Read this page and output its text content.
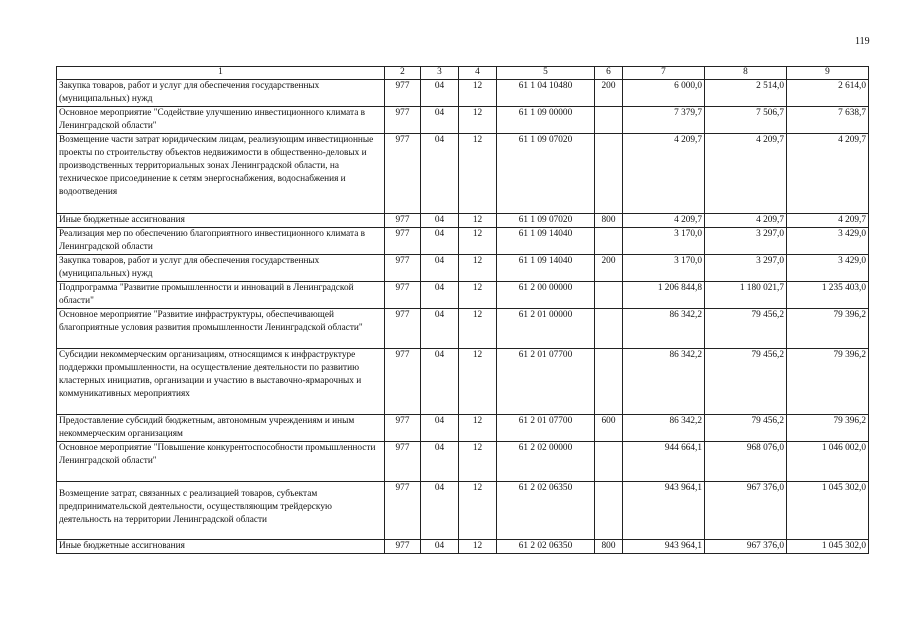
119
1	2	3	4	5	6	7	8	9
Закупка товаров, работ и услуг для обеспечения государственных (муниципальных) нужд	977	04	12	61 1 04 10480	200	6 000,0	2 514,0	2 614,0
Основное мероприятие "Содействие улучшению инвестиционного климата в Ленинградской области"	977	04	12	61 1 09 00000		7 379,7	7 506,7	7 638,7
Возмещение части затрат юридическим лицам, реализующим инвестиционные проекты по строительству объектов недвижимости в общественно-деловых и производственных территориальных зонах Ленинградской области, на техническое присоединение к сетям энергоснабжения, водоснабжения и водоотведения	977	04	12	61 1 09 07020		4 209,7	4 209,7	4 209,7
Иные бюджетные ассигнования	977	04	12	61 1 09 07020	800	4 209,7	4 209,7	4 209,7
Реализация мер по обеспечению благоприятного инвестиционного климата в Ленинградской области	977	04	12	61 1 09 14040		3 170,0	3 297,0	3 429,0
Закупка товаров, работ и услуг для обеспечения государственных (муниципальных) нужд	977	04	12	61 1 09 14040	200	3 170,0	3 297,0	3 429,0
Подпрограмма "Развитие промышленности и инноваций в Ленинградской области"	977	04	12	61 2 00 00000		1 206 844,8	1 180 021,7	1 235 403,0
Основное мероприятие "Развитие инфраструктуры, обеспечивающей благоприятные условия развития промышленности Ленинградской области"	977	04	12	61 2 01 00000		86 342,2	79 456,2	79 396,2
Субсидии некоммерческим организациям, относящимся к инфраструктуре поддержки промышленности, на осуществление деятельности по развитию кластерных инициатив, организации и участию в выставочно-ярмарочных и коммуникативных мероприятиях	977	04	12	61 2 01 07700		86 342,2	79 456,2	79 396,2
Предоставление субсидий бюджетным, автономным учреждениям и иным некоммерческим организациям	977	04	12	61 2 01 07700	600	86 342,2	79 456,2	79 396,2
Основное мероприятие "Повышение конкурентоспособности промышленности Ленинградской области"	977	04	12	61 2 02 00000		944 664,1	968 076,0	1 046 002,0
Возмещение затрат, связанных с реализацией товаров, субъектам предпринимательской деятельности, осуществляющим трейдерскую деятельность на территории Ленинградской области	977	04	12	61 2 02 06350		943 964,1	967 376,0	1 045 302,0
Иные бюджетные ассигнования	977	04	12	61 2 02 06350	800	943 964,1	967 376,0	1 045 302,0
